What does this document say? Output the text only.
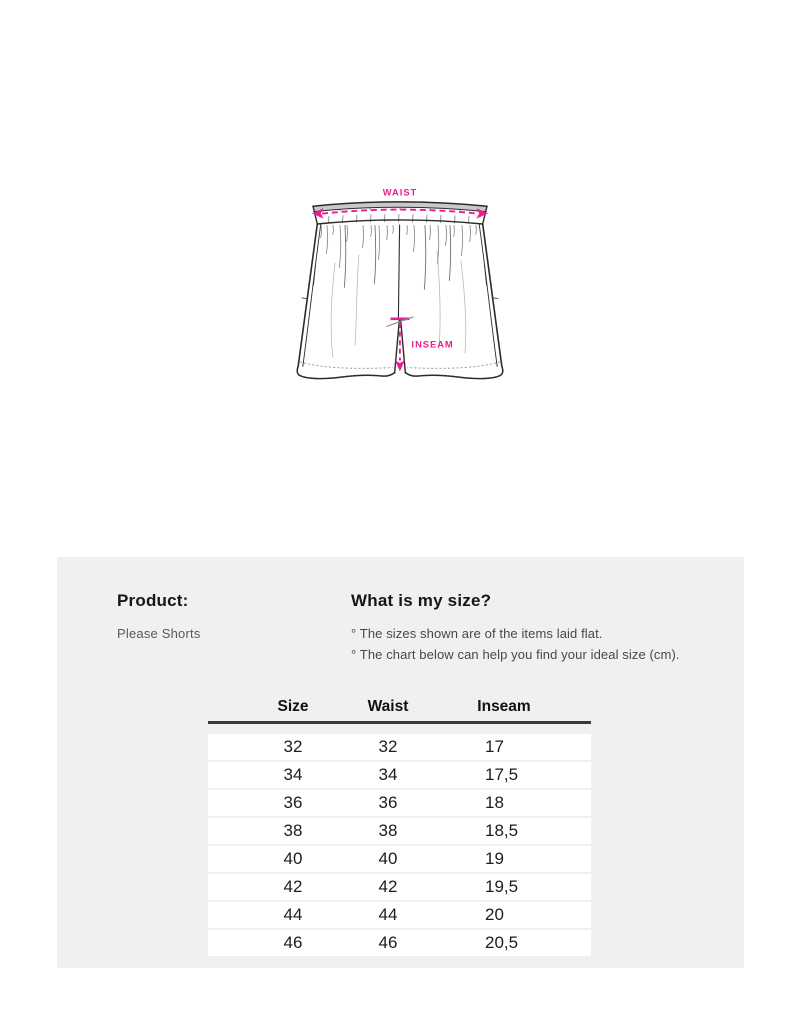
WAIST
INSEAM
Product:
Please Shorts
What is my size?
° The sizes shown are of the items laid flat.
° The chart below can help you find your ideal size (cm).
Size	Waist	Inseam
32	32	17
34	34	17,5
36	36	18
38	38	18,5
40	40	19
42	42	19,5
44	44	20
46	46	20,5
